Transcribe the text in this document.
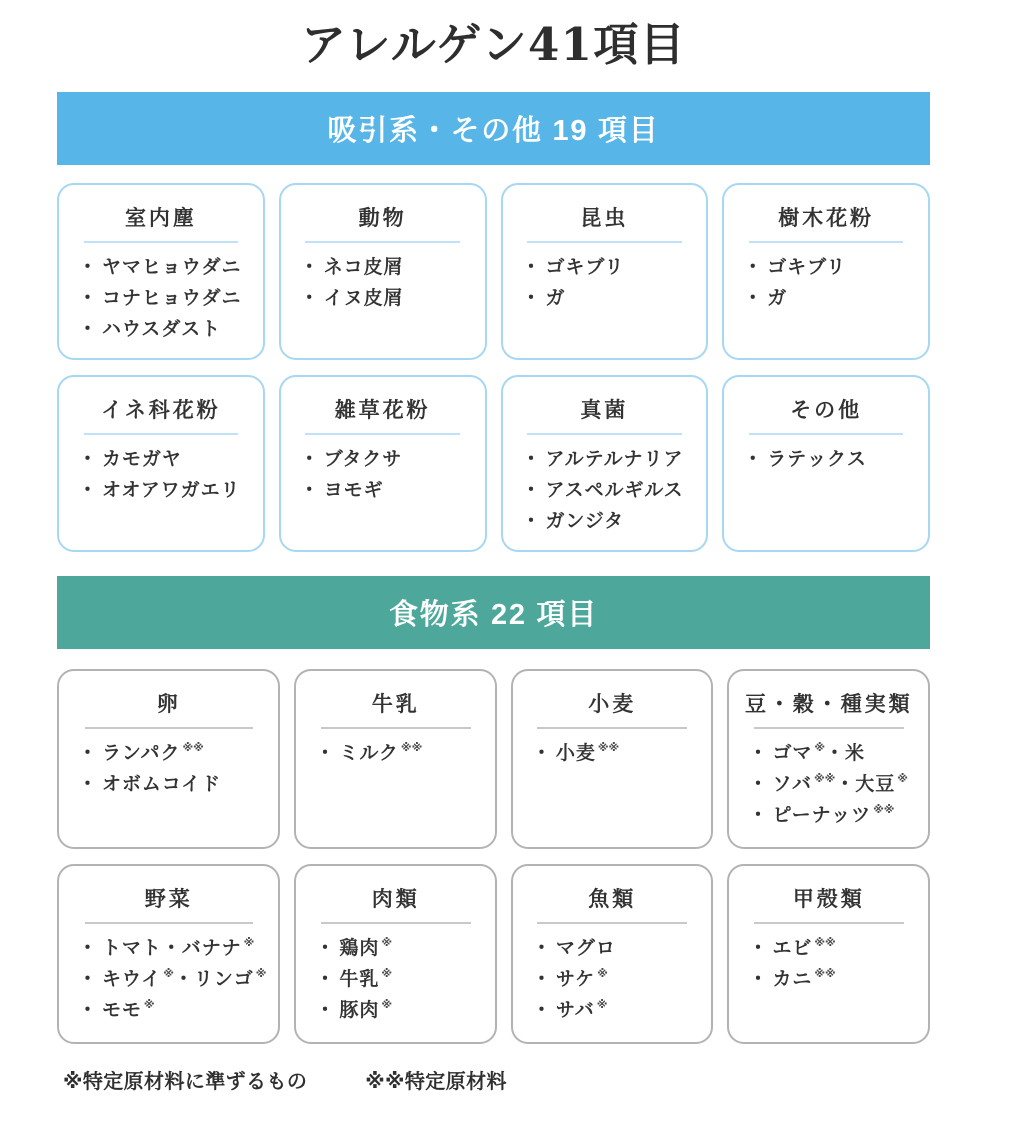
アレルゲン41項目
吸引系・その他 19 項目
室内塵
・ ヤマヒョウダニ
・ コナヒョウダニ
・ ハウスダスト
動物
・ ネコ皮屑
・ イヌ皮屑
昆虫
・ ゴキブリ
・ ガ
樹木花粉
・ ゴキブリ
・ ガ
イネ科花粉
・ カモガヤ
・ オオアワガエリ
雑草花粉
・ ブタクサ
・ ヨモギ
真菌
・ アルテルナリア
・ アスペルギルス
・ ガンジタ
その他
・ ラテックス
食物系 22 項目
卵
・ ランパク ※※
・ オボムコイド
牛乳
・ ミルク ※※
小麦
・ 小麦 ※※
豆・穀・種実類
・ ゴマ ※・米
・ ソバ ※※・大豆 ※
・ ピーナッツ ※※
野菜
・ トマト・バナナ ※
・ キウイ ※・リンゴ ※
・ モモ ※
肉類
・ 鶏肉 ※
・ 牛乳 ※
・ 豚肉 ※
魚類
・ マグロ
・ サケ ※
・ サバ ※
甲殻類
・ エビ ※※
・ カニ ※※
※特定原材料に準ずるもの	※※特定原材料
